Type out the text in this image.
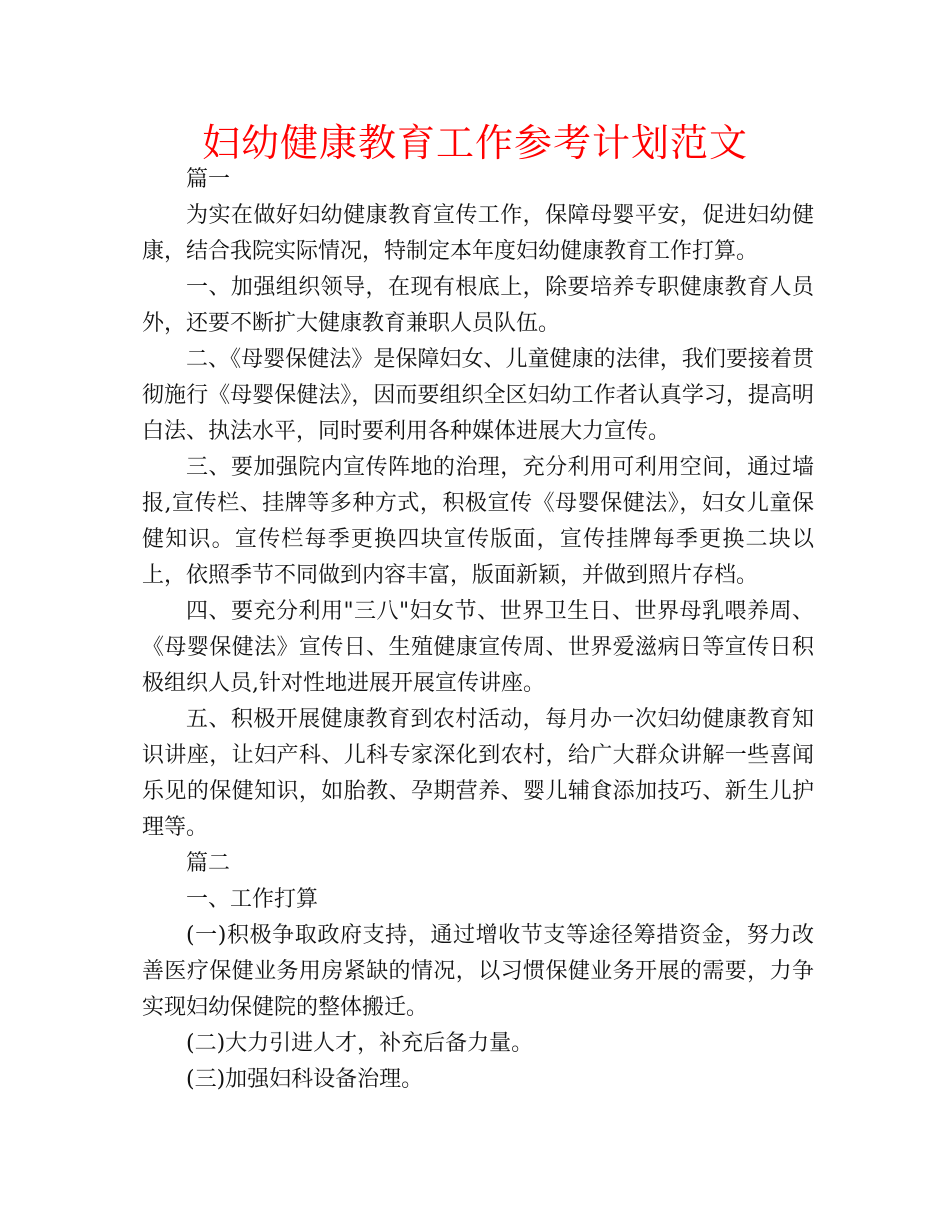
妇幼健康教育工作参考计划范文

篇一

为实在做好妇幼健康教育宣传工作，保障母婴平安，促进妇幼健康，结合我院实际情况，特制定本年度妇幼健康教育工作打算。

一、加强组织领导，在现有根底上，除要培养专职健康教育人员外，还要不断扩大健康教育兼职人员队伍。

二、《母婴保健法》是保障妇女、儿童健康的法律，我们要接着贯彻施行《母婴保健法》，因而要组织全区妇幼工作者认真学习，提高明白法、执法水平，同时要利用各种媒体进展大力宣传。

三、要加强院内宣传阵地的治理，充分利用可利用空间，通过墙报,宣传栏、挂牌等多种方式，积极宣传《母婴保健法》，妇女儿童保健知识。宣传栏每季更换四块宣传版面，宣传挂牌每季更换二块以上，依照季节不同做到内容丰富，版面新颖，并做到照片存档。

四、要充分利用"三八"妇女节、世界卫生日、世界母乳喂养周、《母婴保健法》宣传日、生殖健康宣传周、世界爱滋病日等宣传日积极组织人员,针对性地进展开展宣传讲座。

五、积极开展健康教育到农村活动，每月办一次妇幼健康教育知识讲座，让妇产科、儿科专家深化到农村，给广大群众讲解一些喜闻乐见的保健知识，如胎教、孕期营养、婴儿辅食添加技巧、新生儿护理等。

篇二

一、工作打算

(一)积极争取政府支持，通过增收节支等途径筹措资金，努力改善医疗保健业务用房紧缺的情况，以习惯保健业务开展的需要，力争实现妇幼保健院的整体搬迁。

(二)大力引进人才，补充后备力量。

(三)加强妇科设备治理。
